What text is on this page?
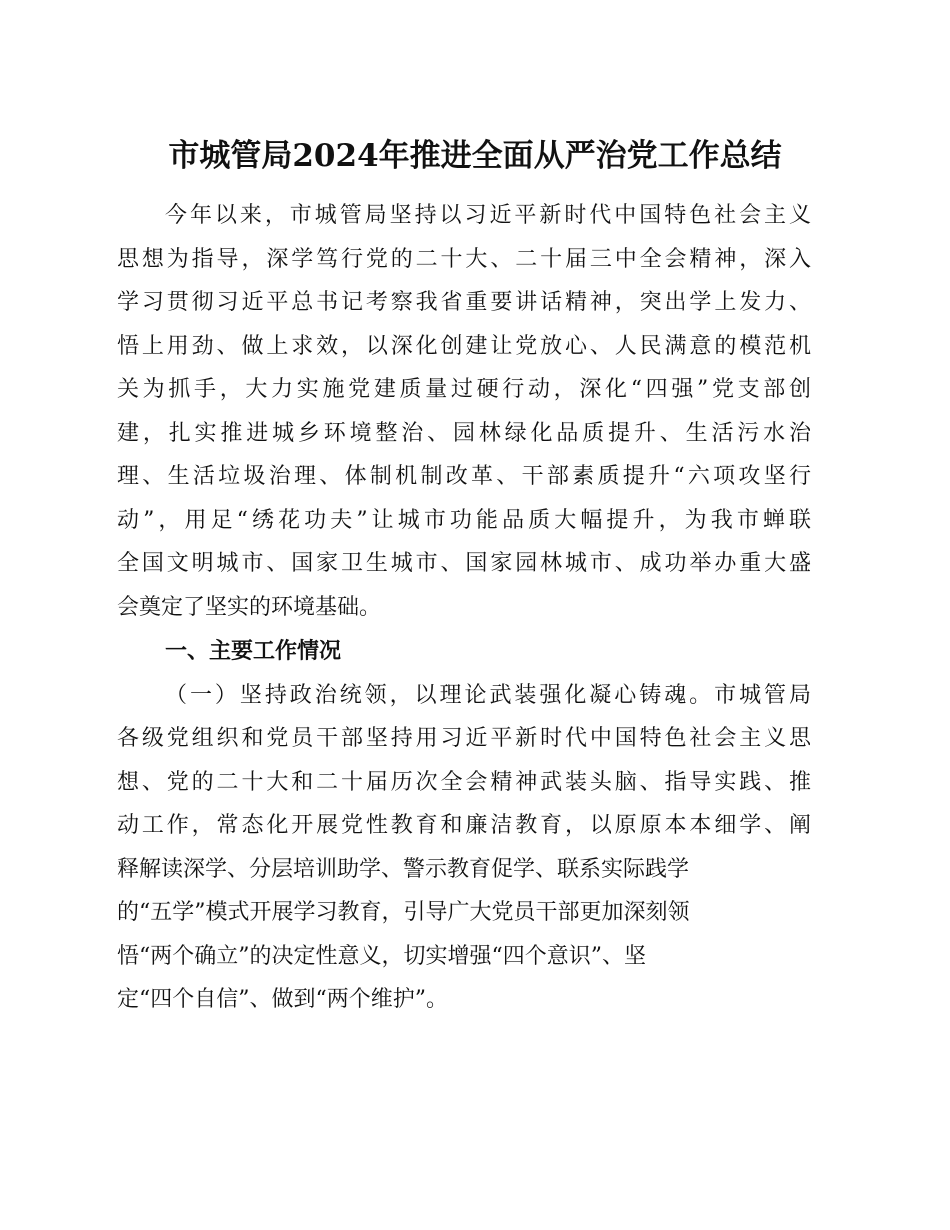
市城管局2024年推进全面从严治党工作总结
今年以来，市城管局坚持以习近平新时代中国特色社会主义
思想为指导，深学笃行党的二十大、二十届三中全会精神，深入
学习贯彻习近平总书记考察我省重要讲话精神，突出学上发力、
悟上用劲、做上求效，以深化创建让党放心、人民满意的模范机
关为抓手，大力实施党建质量过硬行动，深化“四强”党支部创
建，扎实推进城乡环境整治、园林绿化品质提升、生活污水治
理、生活垃圾治理、体制机制改革、干部素质提升“六项攻坚行
动”，用足“绣花功夫”让城市功能品质大幅提升，为我市蝉联
全国文明城市、国家卫生城市、国家园林城市、成功举办重大盛
会奠定了坚实的环境基础。
一、主要工作情况
（一）坚持政治统领，以理论武装强化凝心铸魂。市城管局
各级党组织和党员干部坚持用习近平新时代中国特色社会主义思
想、党的二十大和二十届历次全会精神武装头脑、指导实践、推
动工作，常态化开展党性教育和廉洁教育，以原原本本细学、阐
释解读深学、分层培训助学、警示教育促学、联系实际践学
的“五学”模式开展学习教育，引导广大党员干部更加深刻领
悟“两个确立”的决定性意义，切实增强“四个意识”、坚
定“四个自信”、做到“两个维护”。
